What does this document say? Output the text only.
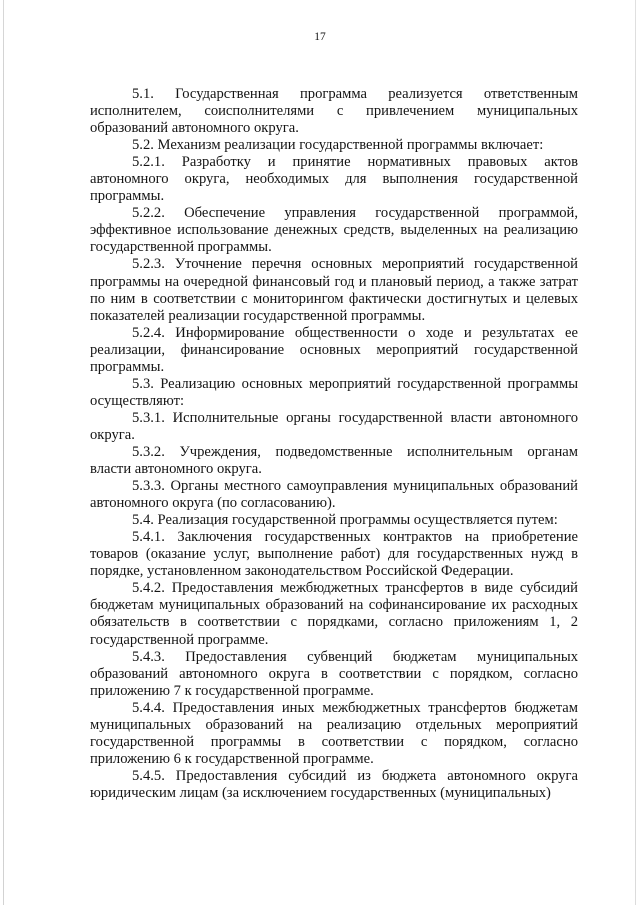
17

5.1. Государственная программа реализуется ответственным исполнителем, соисполнителями с привлечением муниципальных образований автономного округа.

5.2. Механизм реализации государственной программы включает:

5.2.1. Разработку и принятие нормативных правовых актов автономного округа, необходимых для выполнения государственной программы.

5.2.2. Обеспечение управления государственной программой, эффективное использование денежных средств, выделенных на реализацию государственной программы.

5.2.3. Уточнение перечня основных мероприятий государственной программы на очередной финансовый год и плановый период, а также затрат по ним в соответствии с мониторингом фактически достигнутых и целевых показателей реализации государственной программы.

5.2.4. Информирование общественности о ходе и результатах ее реализации, финансирование основных мероприятий государственной программы.

5.3. Реализацию основных мероприятий государственной программы осуществляют:

5.3.1. Исполнительные органы государственной власти автономного округа.

5.3.2. Учреждения, подведомственные исполнительным органам власти автономного округа.

5.3.3. Органы местного самоуправления муниципальных образований автономного округа (по согласованию).

5.4. Реализация государственной программы осуществляется путем:

5.4.1. Заключения государственных контрактов на приобретение товаров (оказание услуг, выполнение работ) для государственных нужд в порядке, установленном законодательством Российской Федерации.

5.4.2. Предоставления межбюджетных трансфертов в виде субсидий бюджетам муниципальных образований на софинансирование их расходных обязательств в соответствии с порядками, согласно приложениям 1, 2 государственной программе.

5.4.3. Предоставления субвенций бюджетам муниципальных образований автономного округа в соответствии с порядком, согласно приложению 7 к государственной программе.

5.4.4. Предоставления иных межбюджетных трансфертов бюджетам муниципальных образований на реализацию отдельных мероприятий государственной программы в соответствии с порядком, согласно приложению 6 к государственной программе.

5.4.5. Предоставления субсидий из бюджета автономного округа юридическим лицам (за исключением государственных (муниципальных)
